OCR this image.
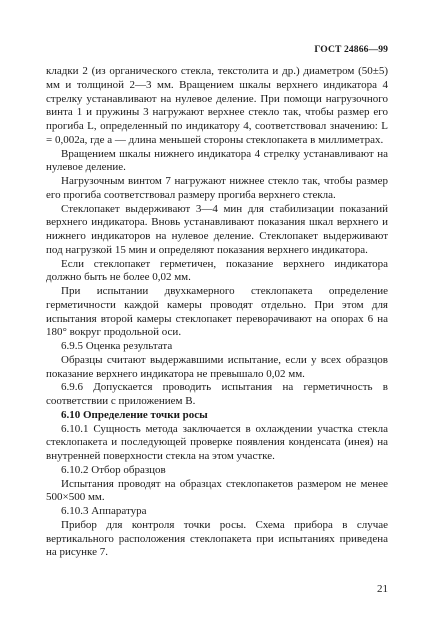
ГОСТ 24866—99

кладки 2 (из органического стекла, текстолита и др.) диаметром (50±5) мм и толщиной 2—3 мм. Вращением шкалы верхнего индикатора 4 стрелку устанавливают на нулевое деление. При помощи нагрузочного винта 1 и пружины 3 нагружают верхнее стекло так, чтобы размер его прогиба L, определенный по индикатору 4, соответствовал значению: L = 0,002a, где a — длина меньшей стороны стеклопакета в миллиметрах.

Вращением шкалы нижнего индикатора 4 стрелку устанавливают на нулевое деление.

Нагрузочным винтом 7 нагружают нижнее стекло так, чтобы размер его прогиба соответствовал размеру прогиба верхнего стекла.

Стеклопакет выдерживают 3—4 мин для стабилизации показаний верхнего индикатора. Вновь устанавливают показания шкал верхнего и нижнего индикаторов на нулевое деление. Стеклопакет выдерживают под нагрузкой 15 мин и определяют показания верхнего индикатора.

Если стеклопакет герметичен, показание верхнего индикатора должно быть не более 0,02 мм.

При испытании двухкамерного стеклопакета определение герметичности каждой камеры проводят отдельно. При этом для испытания второй камеры стеклопакет переворачивают на опорах 6 на 180° вокруг продольной оси.

6.9.5 Оценка результата

Образцы считают выдержавшими испытание, если у всех образцов показание верхнего индикатора не превышало 0,02 мм.

6.9.6 Допускается проводить испытания на герметичность в соответствии с приложением В.

6.10 Определение точки росы

6.10.1 Сущность метода заключается в охлаждении участка стекла стеклопакета и последующей проверке появления конденсата (инея) на внутренней поверхности стекла на этом участке.

6.10.2 Отбор образцов

Испытания проводят на образцах стеклопакетов размером не менее 500×500 мм.

6.10.3 Аппаратура

Прибор для контроля точки росы. Схема прибора в случае вертикального расположения стеклопакета при испытаниях приведена на рисунке 7.

21
